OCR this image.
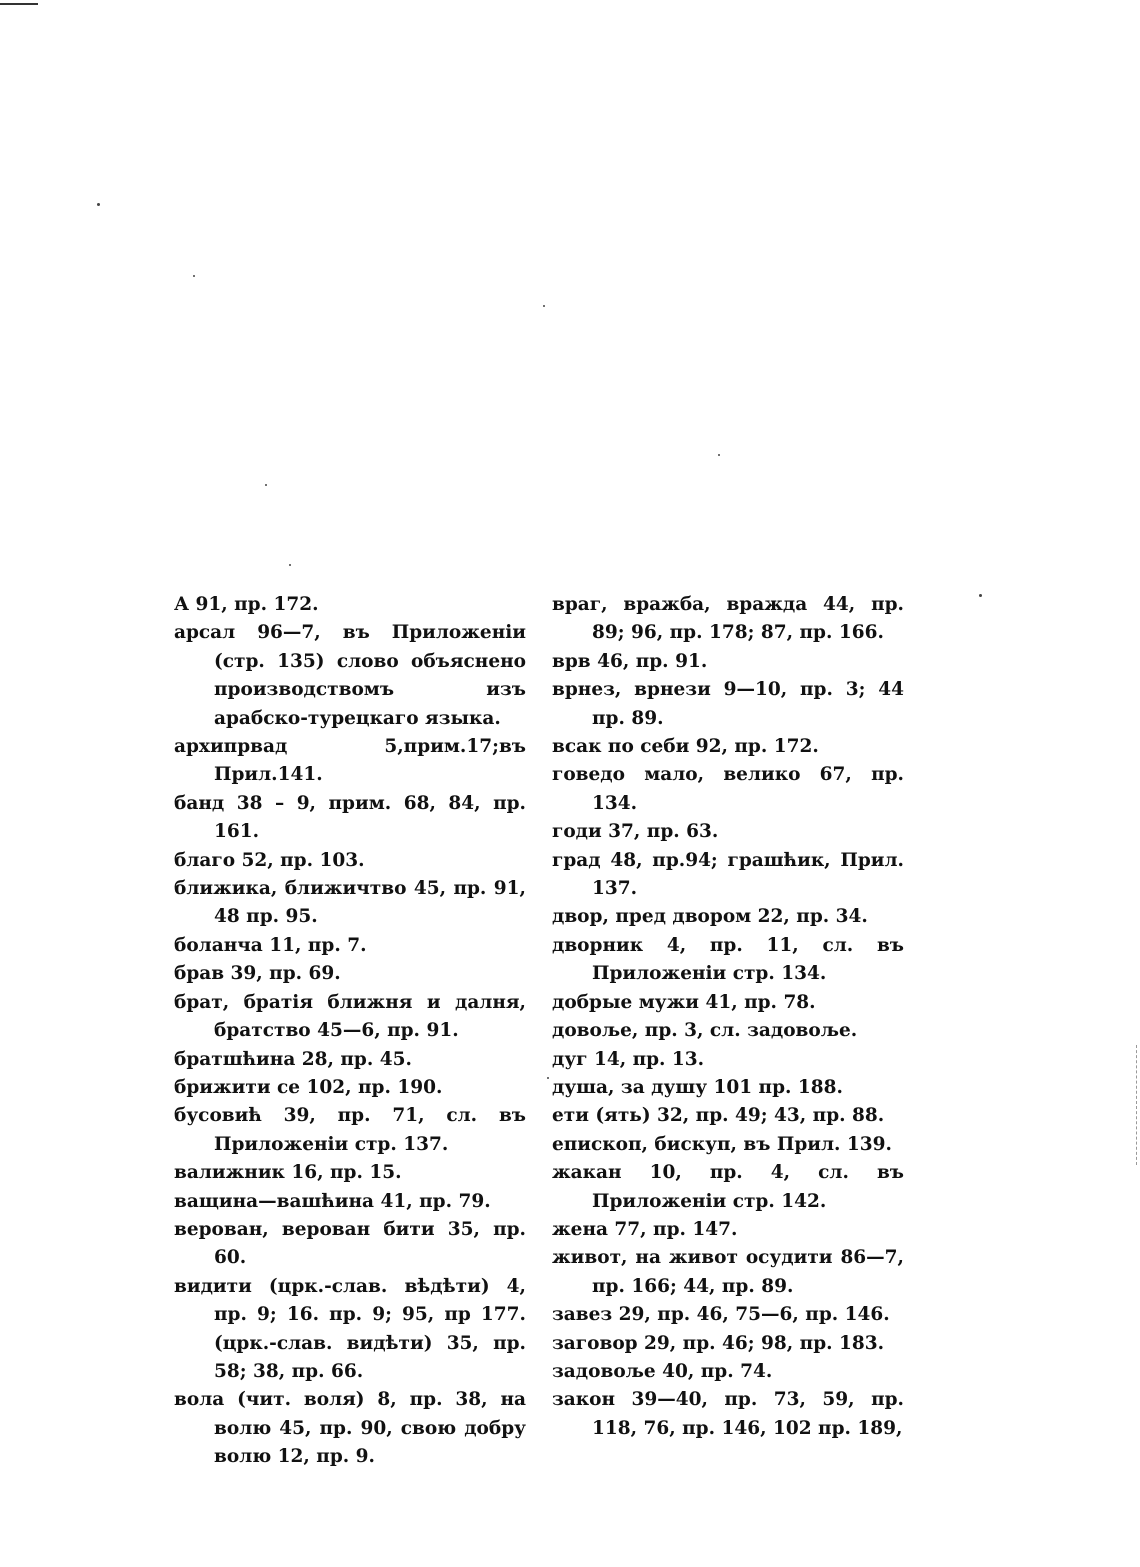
А 91, пр. 172.

арсал 96—7, въ Приложенiи (стр. 135) слово объяснено производствомъ изъ арабско-турецкаго языка.

архипрвад 5,прим.17;въ Прил.141.

банд 38 – 9, прим. 68, 84, пр. 161.

благо 52, пр. 103.

ближика, ближичтво 45, пр. 91, 48 пр. 95.

боланча 11, пр. 7.

брав 39, пр. 69.

брат, братiя ближня и далня, братство 45—6, пр. 91.

братшћина 28, пр. 45.

брижити се 102, пр. 190.

бусовић 39, пр. 71, сл. въ Приложенiи стр. 137.

валижник 16, пр. 15.

ващина—вашћина 41, пр. 79.

верован, верован бити 35, пр. 60.

видити (црк.-слав. вѣдѣти) 4, пр. 9; 16. пр. 9; 95, пр 177. (црк.-слав. видѣти) 35, пр. 58; 38, пр. 66.

вола (чит. воля) 8, пр. 38, на волю 45, пр. 90, свою добру волю 12, пр. 9.

враг, вражба, вражда 44, пр. 89; 96, пр. 178; 87, пр. 166.

врв 46, пр. 91.

врнез, врнези 9—10, пр. 3; 44 пр. 89.

всак по себи 92, пр. 172.

говедо мало, велико 67, пр. 134.

годи 37, пр. 63.

град 48, пр.94; грашћик, Прил. 137.

двор, пред двором 22, пр. 34.

дворник 4, пр. 11, сл. въ Приложенiи стр. 134.

добрые мужи 41, пр. 78.

довоље, пр. 3, сл. задовоље.

дуг 14, пр. 13.

душа, за душу 101 пр. 188.

ети (ять) 32, пр. 49; 43, пр. 88.

епископ, бискуп, въ Прил. 139.

жакан 10, пр. 4, сл. въ Приложенiи стр. 142.

жена 77, пр. 147.

живот, на живот осудити 86—7, пр. 166; 44, пр. 89.

завез 29, пр. 46, 75—6, пр. 146.

заговор 29, пр. 46; 98, пр. 183.

задовоље 40, пр. 74.

закон 39—40, пр. 73, 59, пр. 118, 76, пр. 146, 102 пр. 189,
